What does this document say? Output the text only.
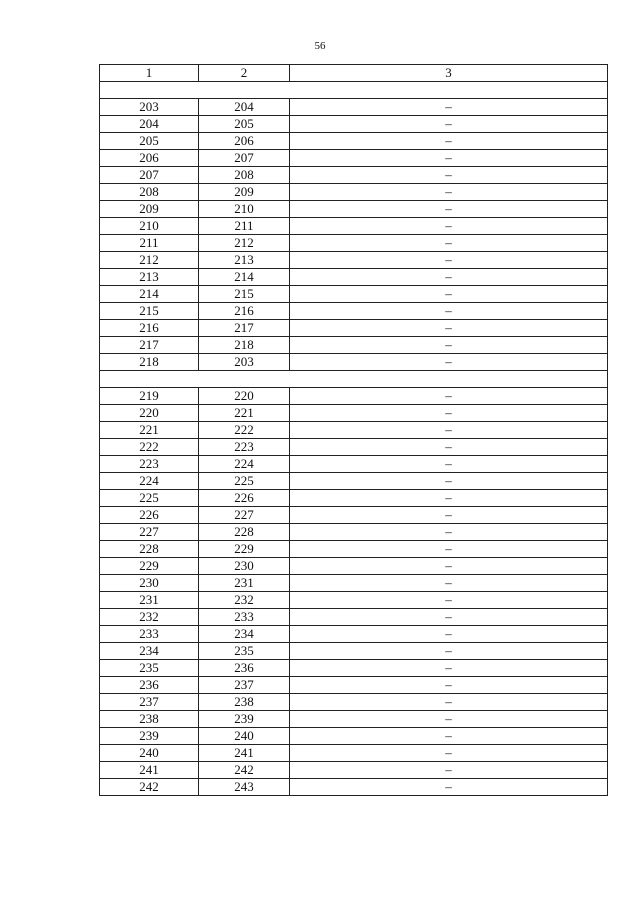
56
1	2	3

203	204	–
204	205	–
205	206	–
206	207	–
207	208	–
208	209	–
209	210	–
210	211	–
211	212	–
212	213	–
213	214	–
214	215	–
215	216	–
216	217	–
217	218	–
218	203	–

219	220	–
220	221	–
221	222	–
222	223	–
223	224	–
224	225	–
225	226	–
226	227	–
227	228	–
228	229	–
229	230	–
230	231	–
231	232	–
232	233	–
233	234	–
234	235	–
235	236	–
236	237	–
237	238	–
238	239	–
239	240	–
240	241	–
241	242	–
242	243	–
